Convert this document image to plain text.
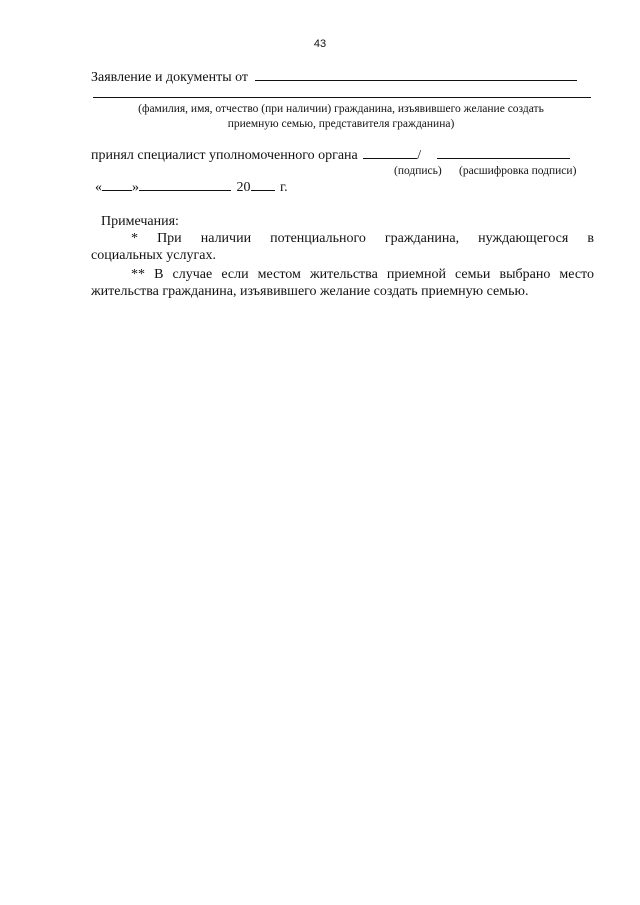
43
Заявление и документы от
(фамилия, имя, отчество (при наличии) гражданина, изъявившего желание создать
приемную семью, представителя гражданина)
принял специалист уполномоченного органа	/
(подпись) (расшифровка подписи)
« »	20 г.
Примечания:
* При наличии потенциального гражданина, нуждающегося в
социальных услугах.
** В случае если местом жительства приемной семьи выбрано место
жительства гражданина, изъявившего желание создать приемную семью.
